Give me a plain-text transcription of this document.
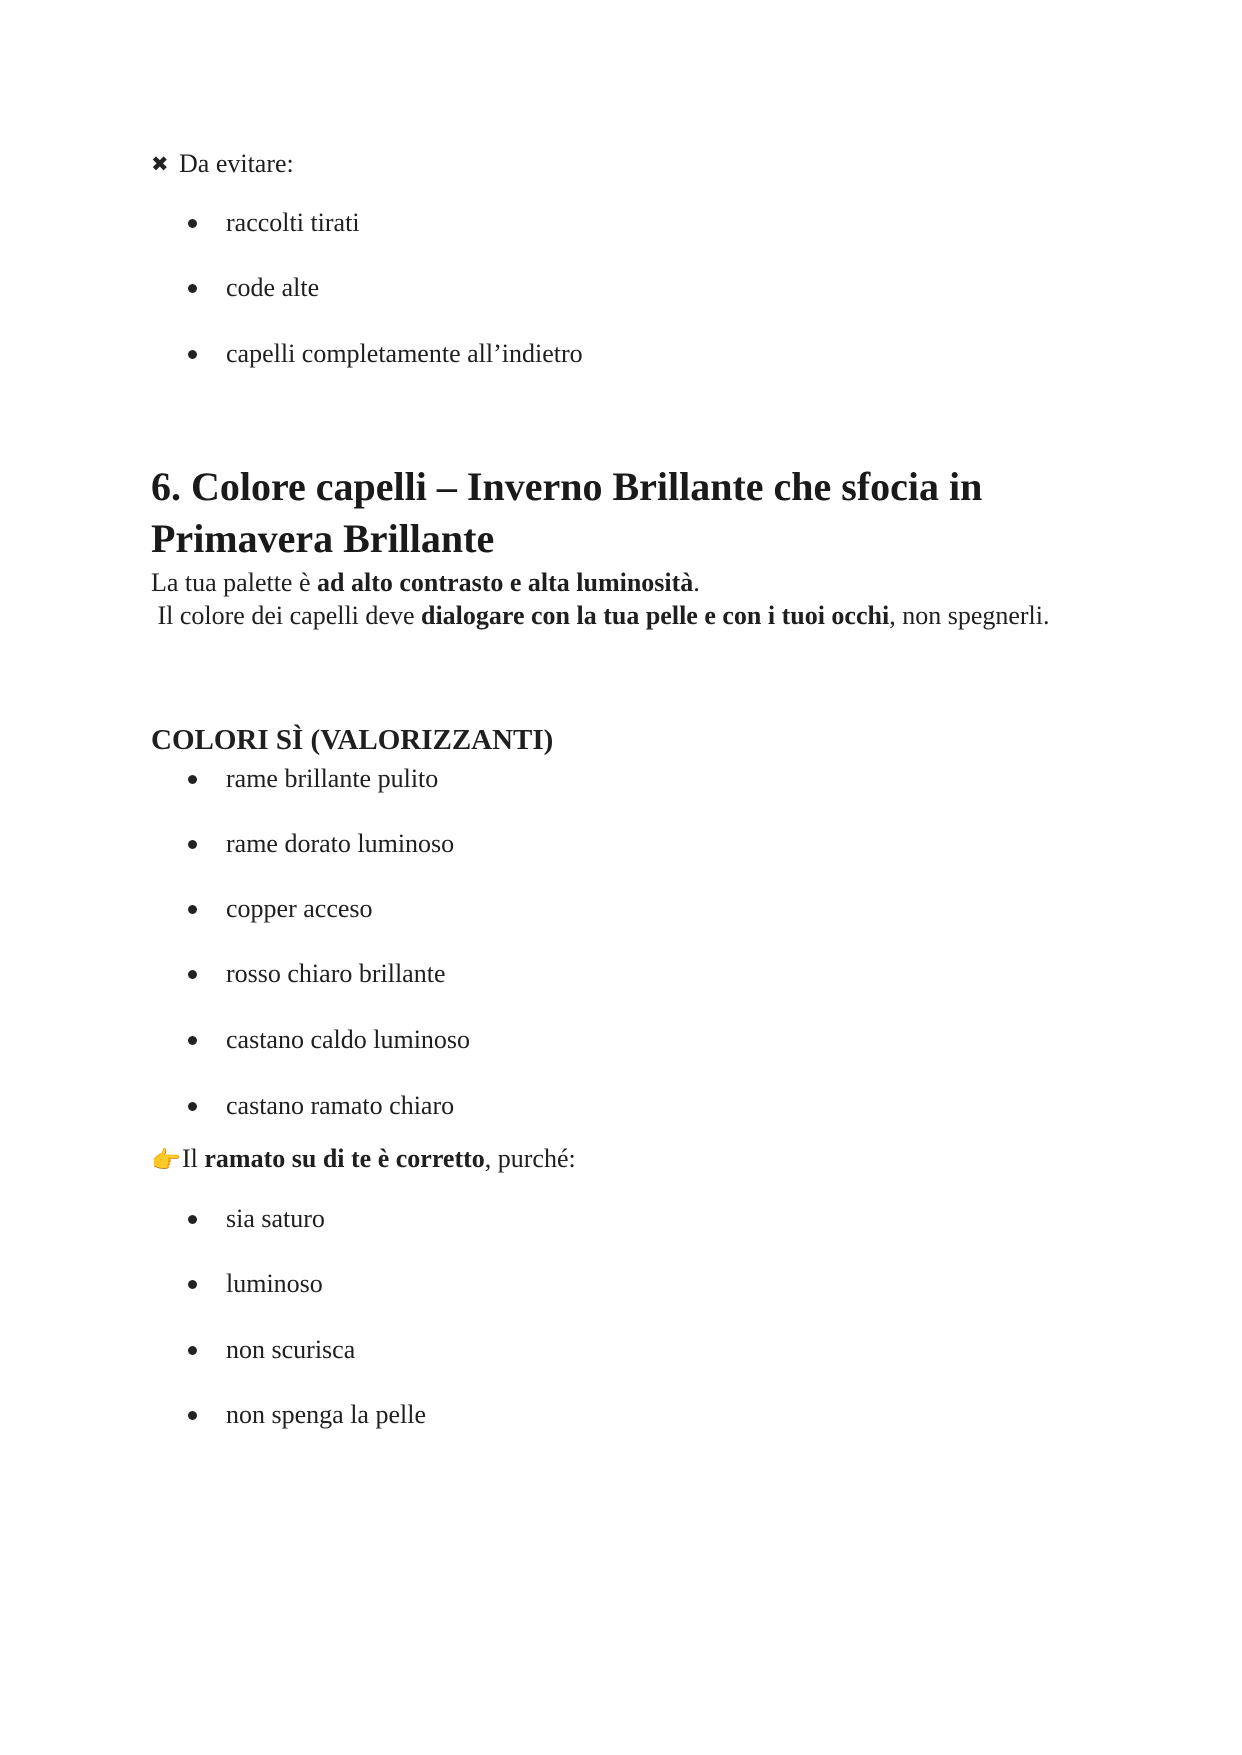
✖ Da evitare:
raccolti tirati
code alte
capelli completamente all’indietro
6. Colore capelli – Inverno Brillante che sfocia in Primavera Brillante
La tua palette è ad alto contrasto e alta luminosità.
Il colore dei capelli deve dialogare con la tua pelle e con i tuoi occhi, non spegnerli.
COLORI SÌ (VALORIZZANTI)
rame brillante pulito
rame dorato luminoso
copper acceso
rosso chiaro brillante
castano caldo luminoso
castano ramato chiaro
👉Il ramato su di te è corretto, purché:
sia saturo
luminoso
non scurisca
non spenga la pelle
